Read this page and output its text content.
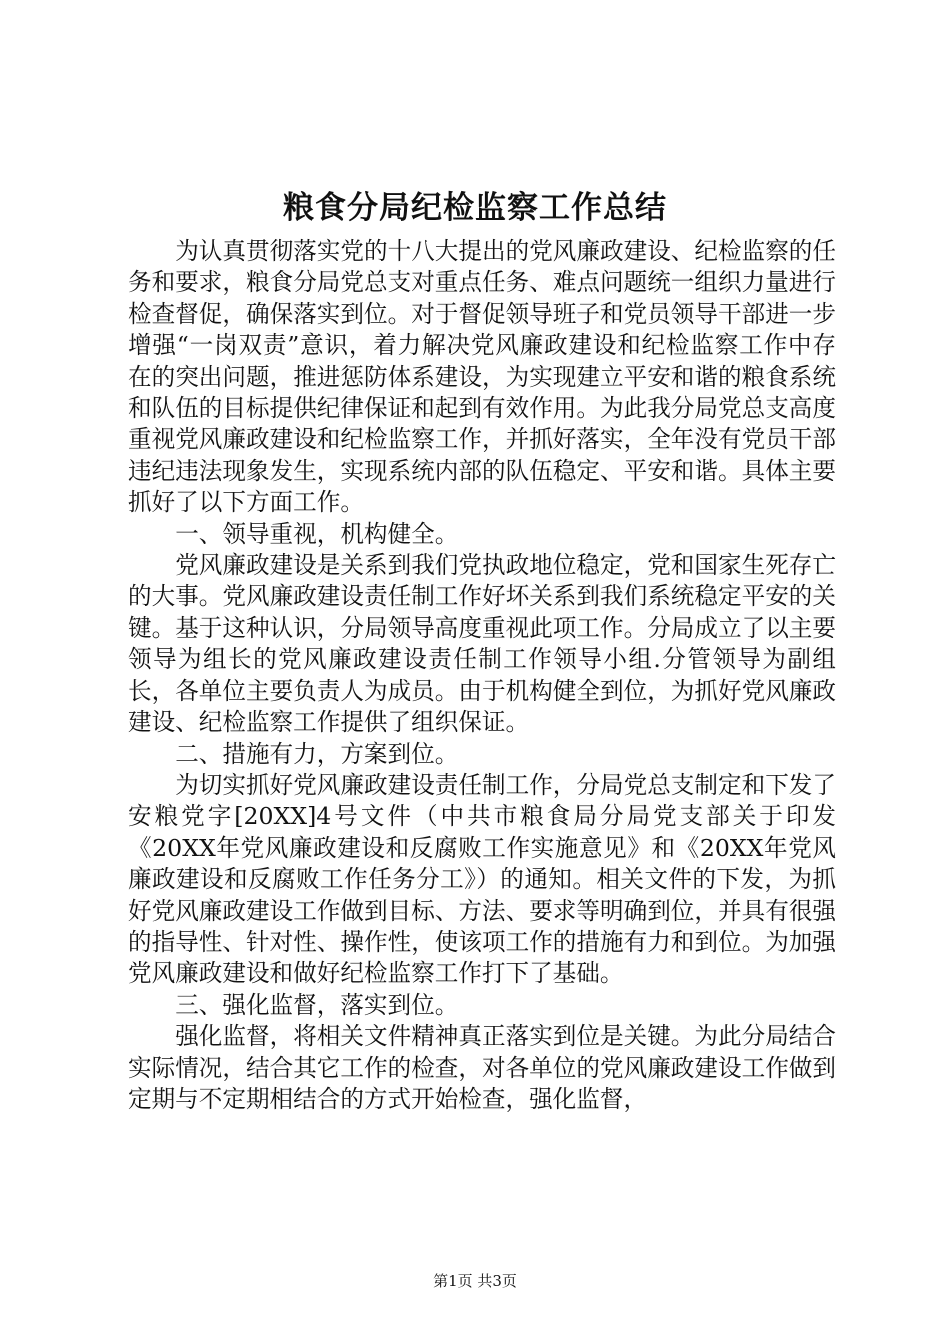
粮食分局纪检监察工作总结

为认真贯彻落实党的十八大提出的党风廉政建设、纪检监察的任务和要求，粮食分局党总支对重点任务、难点问题统一组织力量进行检查督促，确保落实到位。对于督促领导班子和党员领导干部进一步增强“一岗双责”意识，着力解决党风廉政建设和纪检监察工作中存在的突出问题，推进惩防体系建设，为实现建立平安和谐的粮食系统和队伍的目标提供纪律保证和起到有效作用。为此我分局党总支高度重视党风廉政建设和纪检监察工作，并抓好落实，全年没有党员干部违纪违法现象发生，实现系统内部的队伍稳定、平安和谐。具体主要抓好了以下方面工作。

一、领导重视，机构健全。

党风廉政建设是关系到我们党执政地位稳定，党和国家生死存亡的大事。党风廉政建设责任制工作好坏关系到我们系统稳定平安的关键。基于这种认识，分局领导高度重视此项工作。分局成立了以主要领导为组长的党风廉政建设责任制工作领导小组.分管领导为副组长，各单位主要负责人为成员。由于机构健全到位，为抓好党风廉政建设、纪检监察工作提供了组织保证。

二、措施有力，方案到位。

为切实抓好党风廉政建设责任制工作，分局党总支制定和下发了安粮党字[20XX]4号文件（中共市粮食局分局党支部关于印发《20XX年党风廉政建设和反腐败工作实施意见》和《20XX年党风廉政建设和反腐败工作任务分工》）的通知。相关文件的下发，为抓好党风廉政建设工作做到目标、方法、要求等明确到位，并具有很强的指导性、针对性、操作性，使该项工作的措施有力和到位。为加强党风廉政建设和做好纪检监察工作打下了基础。

三、强化监督，落实到位。

强化监督，将相关文件精神真正落实到位是关键。为此分局结合实际情况，结合其它工作的检查，对各单位的党风廉政建设工作做到定期与不定期相结合的方式开始检查，强化监督，

第1页 共3页
